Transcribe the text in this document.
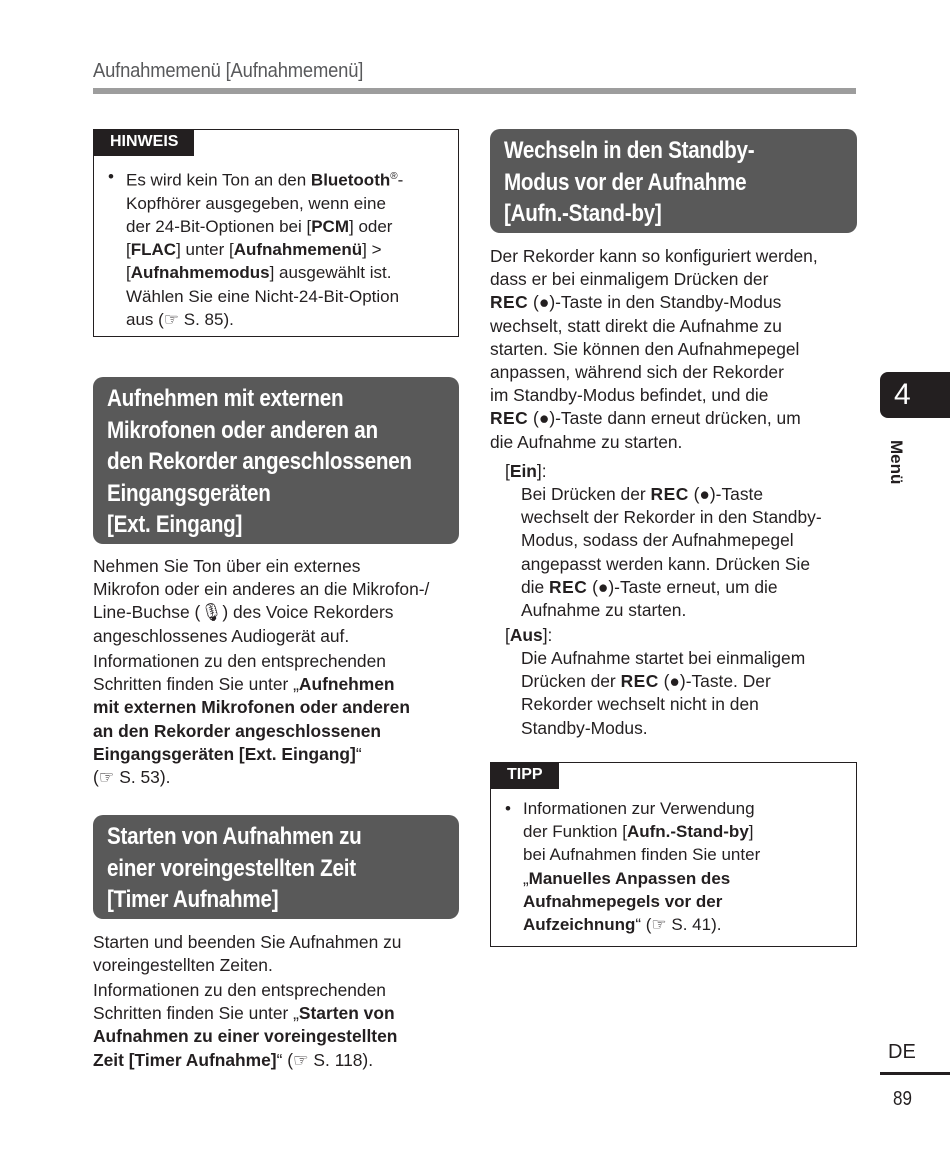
Aufnahmemenü [Aufnahmemenü]
HINWEIS
• Es wird kein Ton an den Bluetooth®-
Kopfhörer ausgegeben, wenn eine
der 24-Bit-Optionen bei [PCM] oder
[FLAC] unter [Aufnahmemenü] >
[Aufnahmemodus] ausgewählt ist.
Wählen Sie eine Nicht-24-Bit-Option
aus (☞ S. 85).
Aufnehmen mit externen
Mikrofonen oder anderen an
den Rekorder angeschlossenen
Eingangsgeräten
[Ext. Eingang]
Nehmen Sie Ton über ein externes
Mikrofon oder ein anderes an die Mikrofon-/
Line-Buchse (🎙) des Voice Rekorders
angeschlossenes Audiogerät auf.
Informationen zu den entsprechenden
Schritten finden Sie unter „Aufnehmen
mit externen Mikrofonen oder anderen
an den Rekorder angeschlossenen
Eingangsgeräten [Ext. Eingang]“
(☞ S. 53).
Starten von Aufnahmen zu
einer voreingestellten Zeit
[Timer Aufnahme]
Starten und beenden Sie Aufnahmen zu
voreingestellten Zeiten.
Informationen zu den entsprechenden
Schritten finden Sie unter „Starten von
Aufnahmen zu einer voreingestellten
Zeit [Timer Aufnahme]“ (☞ S. 118).
Wechseln in den Standby-
Modus vor der Aufnahme
[Aufn.-Stand-by]
Der Rekorder kann so konfiguriert werden,
dass er bei einmaligem Drücken der
REC (●)-Taste in den Standby-Modus
wechselt, statt direkt die Aufnahme zu
starten. Sie können den Aufnahmepegel
anpassen, während sich der Rekorder
im Standby-Modus befindet, und die
REC (●)-Taste dann erneut drücken, um
die Aufnahme zu starten.
[Ein]:
Bei Drücken der REC (●)-Taste
wechselt der Rekorder in den Standby-
Modus, sodass der Aufnahmepegel
angepasst werden kann. Drücken Sie
die REC (●)-Taste erneut, um die
Aufnahme zu starten.
[Aus]:
Die Aufnahme startet bei einmaligem
Drücken der REC (●)-Taste. Der
Rekorder wechselt nicht in den
Standby-Modus.
TIPP
• Informationen zur Verwendung
der Funktion [Aufn.-Stand-by]
bei Aufnahmen finden Sie unter
„Manuelles Anpassen des
Aufnahmepegels vor der
Aufzeichnung“ (☞ S. 41).
4
Menü
DE
89
